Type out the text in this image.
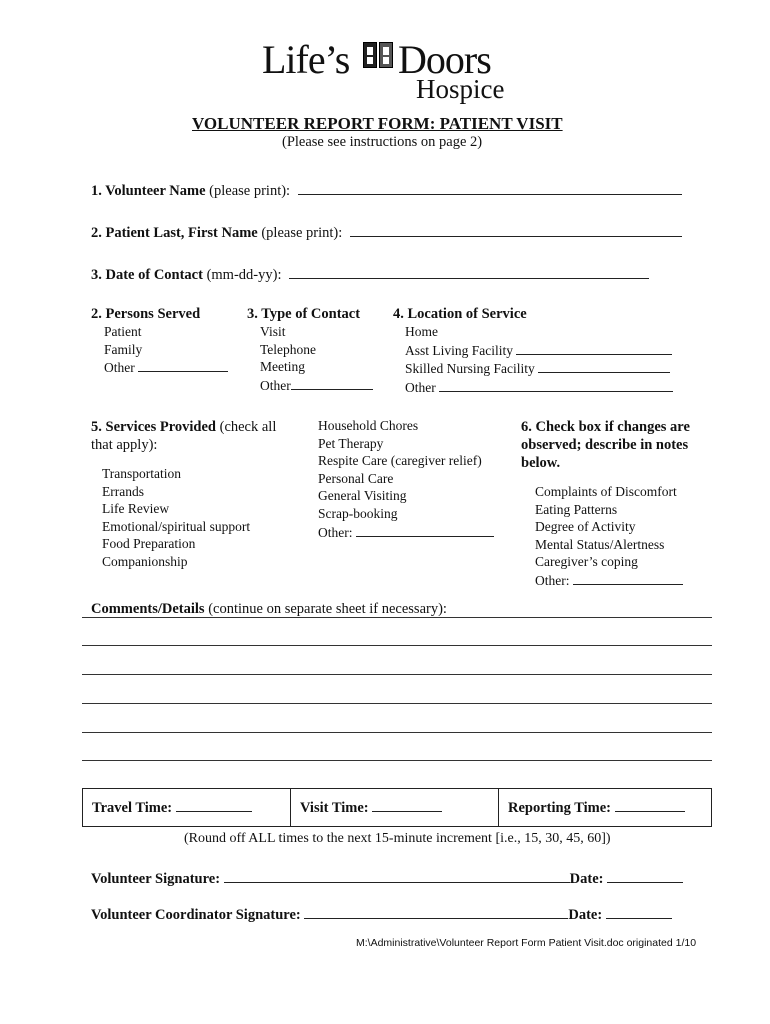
Life’s Doors
Hospice
VOLUNTEER REPORT FORM: PATIENT VISIT
(Please see instructions on page 2)
1. Volunteer Name (please print):
2. Patient Last, First Name (please print):
3. Date of Contact (mm-dd-yy):
2. Persons Served	3. Type of Contact 4. Location of Service
Patient
Family
Other
Visit
Telephone
Meeting
Other
Home
Asst Living Facility
Skilled Nursing Facility
Other
5. Services Provided (check all
that apply):
Transportation
Errands
Life Review
Emotional/spiritual support
Food Preparation
Companionship
Household Chores
Pet Therapy
Respite Care (caregiver relief)
Personal Care
General Visiting
Scrap-booking
Other:
6. Check box if changes are
observed; describe in notes
below.
Complaints of Discomfort
Eating Patterns
Degree of Activity
Mental Status/Alertness
Caregiver’s coping
Other:
Comments/Details (continue on separate sheet if necessary):
Travel Time:	Visit Time:	Reporting Time:
(Round off ALL times to the next 15-minute increment [i.e., 15, 30, 45, 60])
Volunteer Signature:	Date:
Volunteer Coordinator Signature:	Date:
M:\Administrative\Volunteer Report Form Patient Visit.doc originated 1/10
